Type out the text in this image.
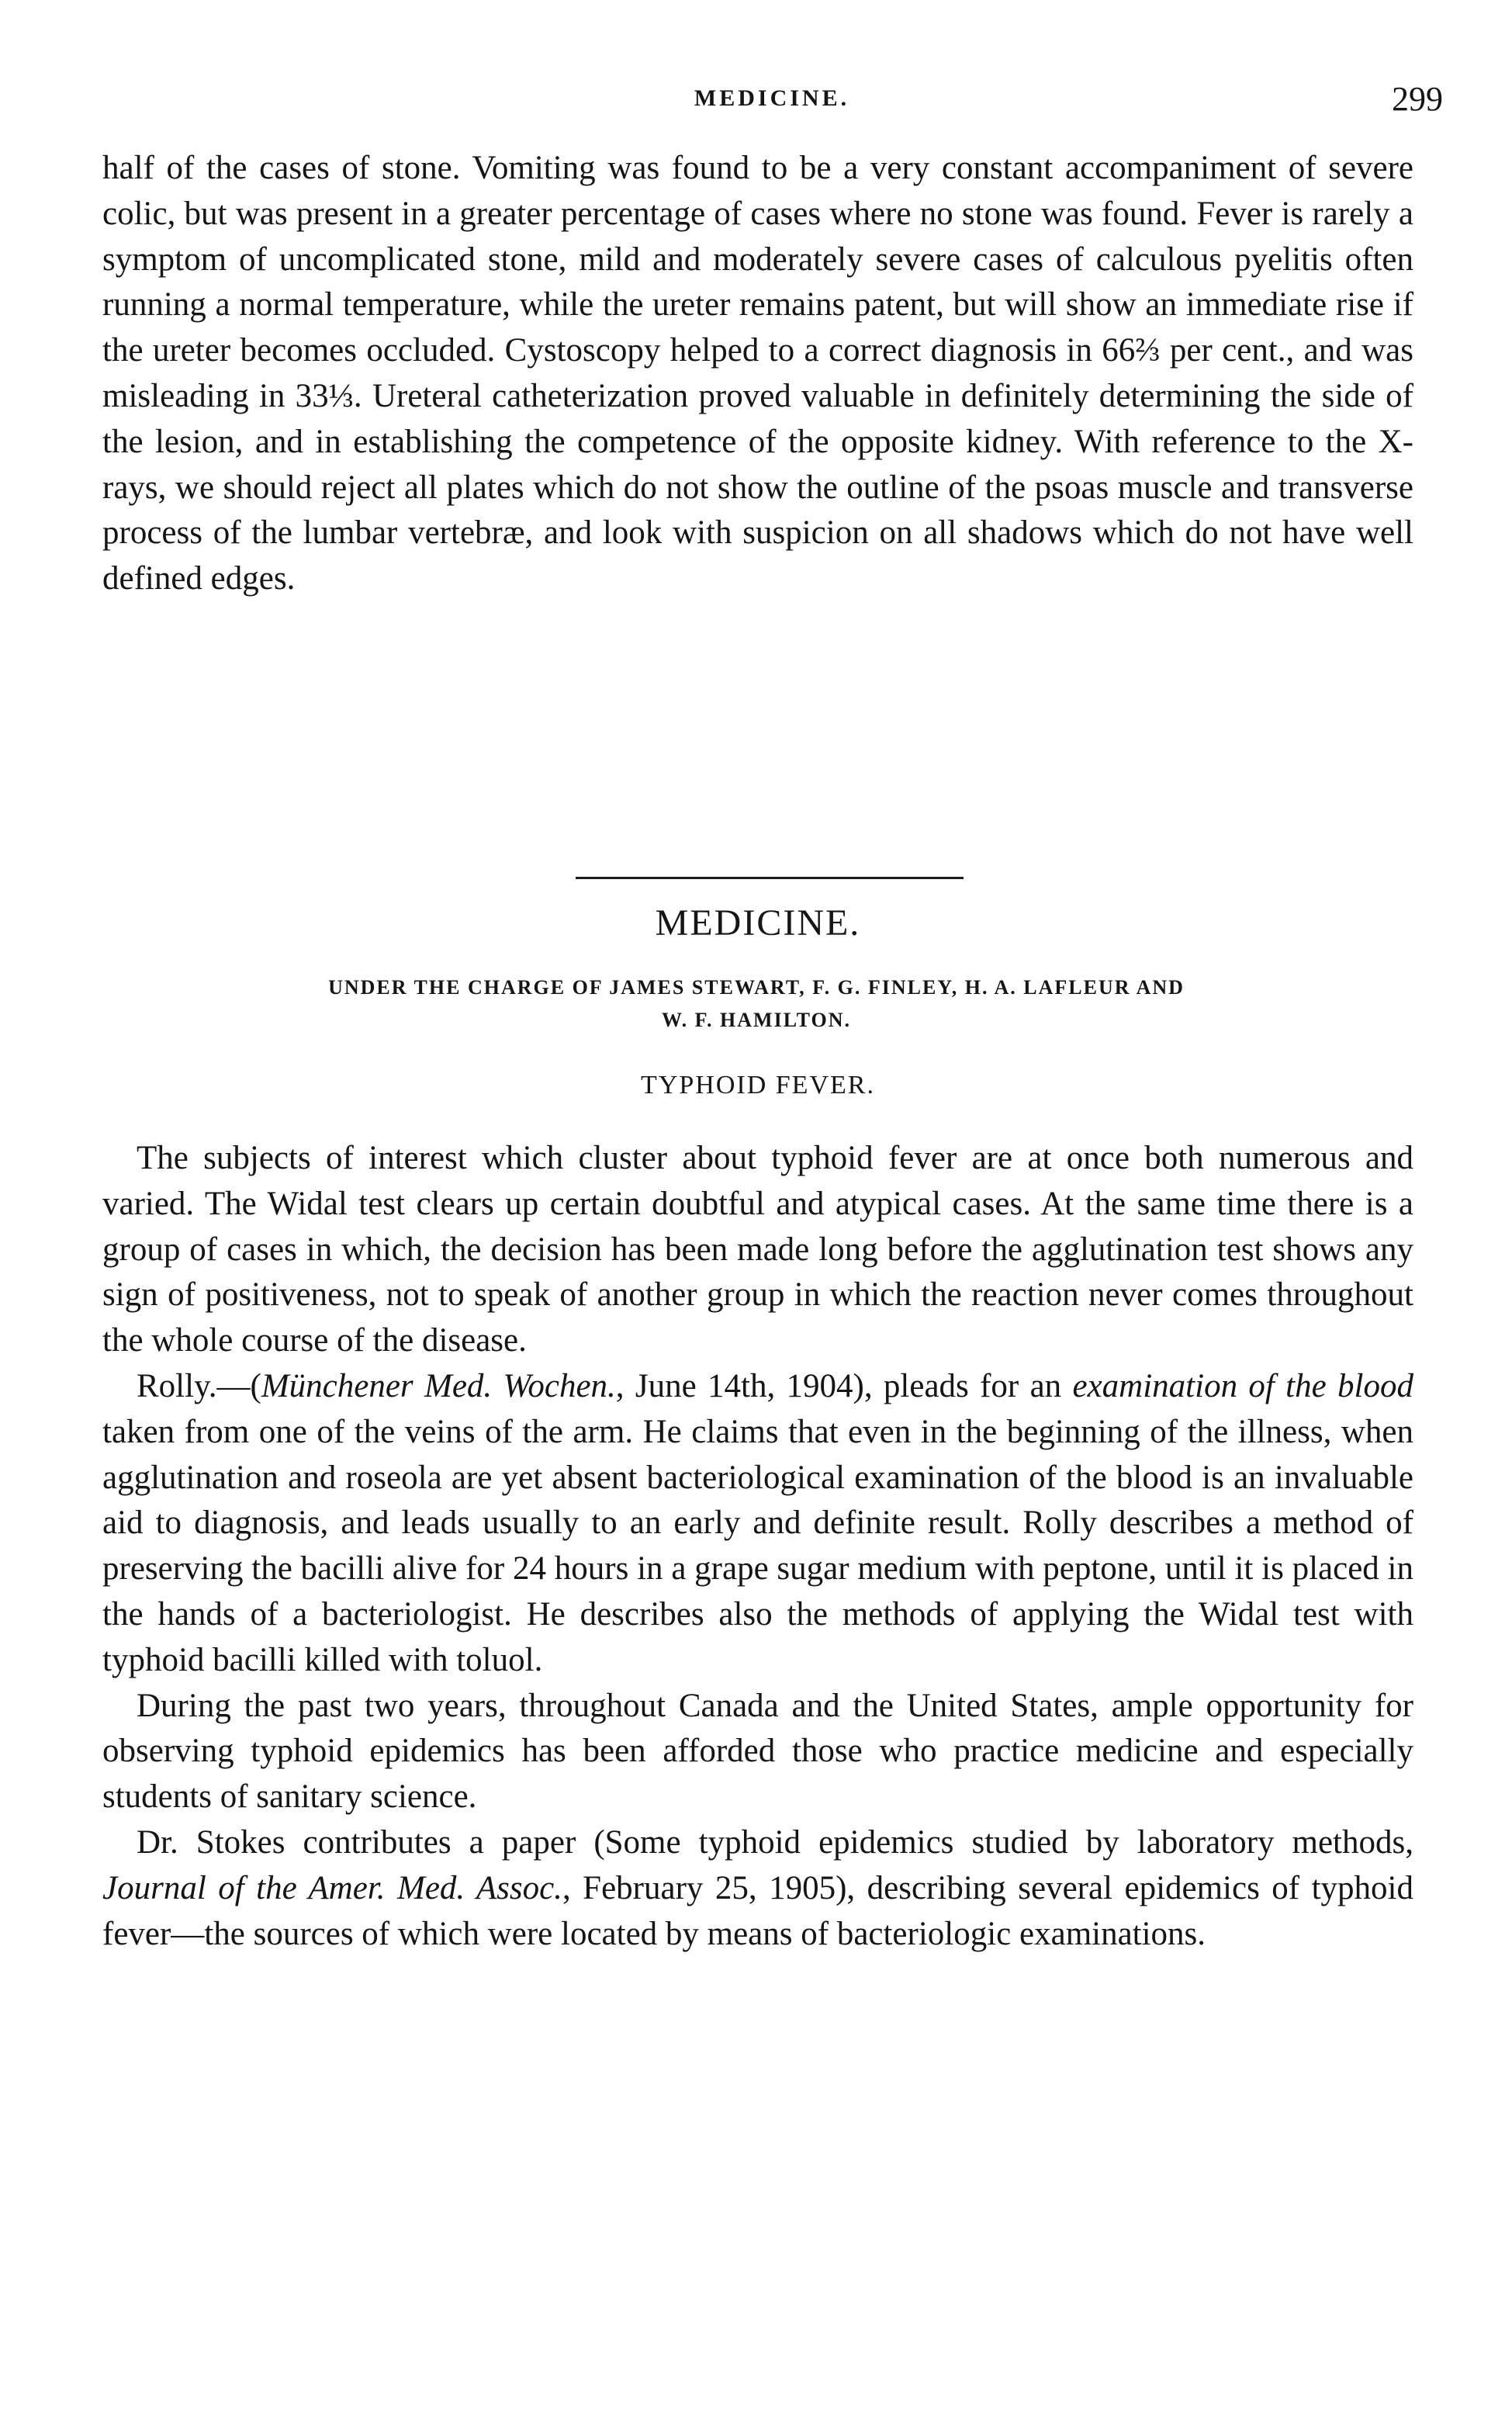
MEDICINE.	299

half of the cases of stone. Vomiting was found to be a very constant accompaniment of severe colic, but was present in a greater percentage of cases where no stone was found. Fever is rarely a symptom of uncomplicated stone, mild and moderately severe cases of calculous pyelitis often running a normal temperature, while the ureter remains patent, but will show an immediate rise if the ureter becomes occluded. Cystoscopy helped to a correct diagnosis in 66⅔ per cent., and was misleading in 33⅓. Ureteral catheterization proved valuable in definitely determining the side of the lesion, and in establishing the competence of the opposite kidney. With reference to the X-rays, we should reject all plates which do not show the outline of the psoas muscle and transverse process of the lumbar vertebræ, and look with suspicion on all shadows which do not have well defined edges.

MEDICINE.
UNDER THE CHARGE OF JAMES STEWART, F. G. FINLEY, H. A. LAFLEUR AND
W. F. HAMILTON.
TYPHOID FEVER.

The subjects of interest which cluster about typhoid fever are at once both numerous and varied. The Widal test clears up certain doubtful and atypical cases. At the same time there is a group of cases in which, the decision has been made long before the agglutination test shows any sign of positiveness, not to speak of another group in which the reaction never comes throughout the whole course of the disease.

Rolly.—(Münchener Med. Wochen., June 14th, 1904), pleads for an examination of the blood taken from one of the veins of the arm. He claims that even in the beginning of the illness, when agglutination and roseola are yet absent bacteriological examination of the blood is an invaluable aid to diagnosis, and leads usually to an early and definite result. Rolly describes a method of preserving the bacilli alive for 24 hours in a grape sugar medium with peptone, until it is placed in the hands of a bacteriologist. He describes also the methods of applying the Widal test with typhoid bacilli killed with toluol.

During the past two years, throughout Canada and the United States, ample opportunity for observing typhoid epidemics has been afforded those who practice medicine and especially students of sanitary science.

Dr. Stokes contributes a paper (Some typhoid epidemics studied by laboratory methods, Journal of the Amer. Med. Assoc., February 25, 1905), describing several epidemics of typhoid fever—the sources of which were located by means of bacteriologic examinations.
